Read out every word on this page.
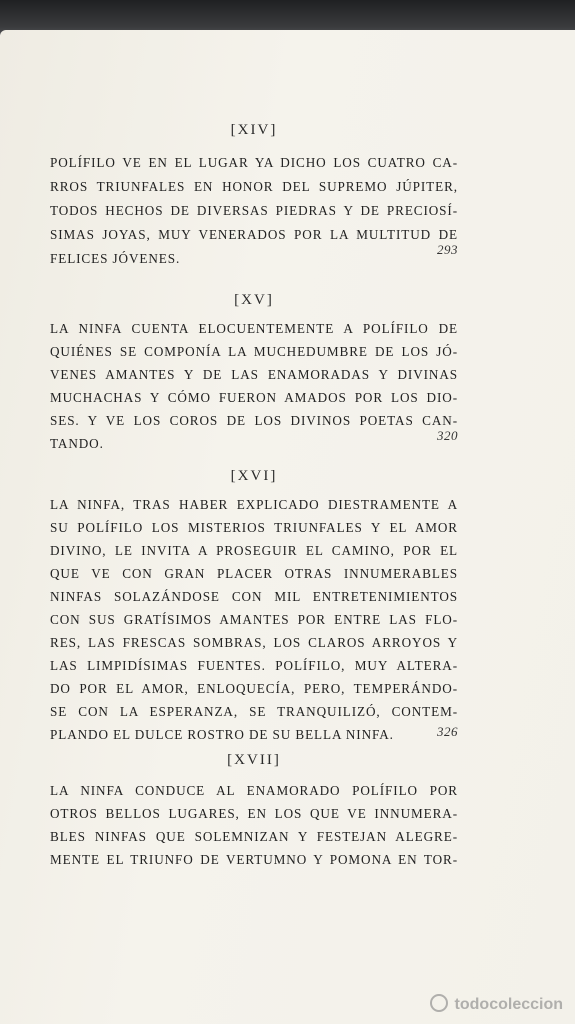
[XIV]
POLÍFILO VE EN EL LUGAR YA DICHO LOS CUATRO CA-
RROS TRIUNFALES EN HONOR DEL SUPREMO JÚPITER,
TODOS HECHOS DE DIVERSAS PIEDRAS Y DE PRECIOSÍ-
SIMAS JOYAS, MUY VENERADOS POR LA MULTITUD DE
FELICES JÓVENES.
293
[XV]
LA NINFA CUENTA ELOCUENTEMENTE A POLÍFILO DE
QUIÉNES SE COMPONÍA LA MUCHEDUMBRE DE LOS JÓ-
VENES AMANTES Y DE LAS ENAMORADAS Y DIVINAS
MUCHACHAS Y CÓMO FUERON AMADOS POR LOS DIO-
SES. Y VE LOS COROS DE LOS DIVINOS POETAS CAN-
TANDO.
320
[XVI]
LA NINFA, TRAS HABER EXPLICADO DIESTRAMENTE A
SU POLÍFILO LOS MISTERIOS TRIUNFALES Y EL AMOR
DIVINO, LE INVITA A PROSEGUIR EL CAMINO, POR EL
QUE VE CON GRAN PLACER OTRAS INNUMERABLES
NINFAS SOLAZÁNDOSE CON MIL ENTRETENIMIENTOS
CON SUS GRATÍSIMOS AMANTES POR ENTRE LAS FLO-
RES, LAS FRESCAS SOMBRAS, LOS CLAROS ARROYOS Y
LAS LIMPIDÍSIMAS FUENTES. POLÍFILO, MUY ALTERA-
DO POR EL AMOR, ENLOQUECÍA, PERO, TEMPERÁNDO-
SE CON LA ESPERANZA, SE TRANQUILIZÓ, CONTEM-
PLANDO EL DULCE ROSTRO DE SU BELLA NINFA.	326
[XVII]
LA NINFA CONDUCE AL ENAMORADO POLÍFILO POR
OTROS BELLOS LUGARES, EN LOS QUE VE INNUMERA-
BLES NINFAS QUE SOLEMNIZAN Y FESTEJAN ALEGRE-
MENTE EL TRIUNFO DE VERTUMNO Y POMONA EN TOR-
todocoleccion
